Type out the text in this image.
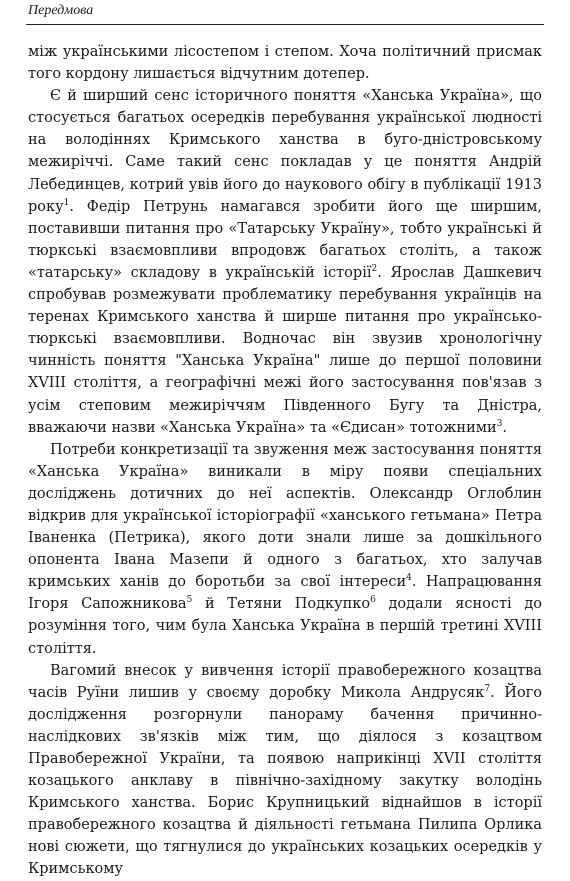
Передмова

між українськими лісостепом і степом. Хоча політичний присмак того кордону лишається відчутним дотепер.

Є й ширший сенс історичного поняття «Ханська Україна», що стосується багатьох осередків перебування української людності на володіннях Кримського ханства в буго-дністровському межиріччі. Саме такий сенс покладав у це поняття Андрій Лебединцев, котрий увів його до наукового обігу в публікації 1913 року$^1$. Федір Петрунь намагався зробити його ще ширшим, поставивши питання про «Татарську Україну», тобто українські й тюркські взаємовпливи впродовж багатьох століть, а також «татарську» складову в українській історії$^2$. Ярослав Дашкевич спробував розмежувати проблематику перебування українців на теренах Кримського ханства й ширше питання про українсько-тюркські взаємовпливи. Водночас він звузив хронологічну чинність поняття "Ханська Україна" лише до першої половини XVIII століття, а географічні межі його застосування пов'язав з усім степовим межиріччям Південного Бугу та Дністра, вважаючи назви «Ханська Україна» та «Єдисан» тотожними$^3$.

Потреби конкретизації та звуження меж застосування поняття «Ханська Україна» виникали в міру появи спеціальних досліджень дотичних до неї аспектів. Олександр Оглоблин відкрив для української історіографії «ханського гетьмана» Петра Іваненка (Петрика), якого доти знали лише за дошкільного опонента Івана Мазепи й одного з багатьох, хто залучав кримських ханів до боротьби за свої інтереси$^4$. Напрацювання Ігоря Сапожникова$^5$ й Тетяни Подкупко$^6$ додали ясності до розуміння того, чим була Ханська Україна в першій третині XVIII століття.

Вагомий внесок у вивчення історії правобережного козацтва часів Руїни лишив у своєму доробку Микола Андрусяк$^7$. Його дослідження розгорнули панораму бачення причинно-наслідкових зв'язків між тим, що діялося з козацтвом Правобережної України, та появою наприкінці XVII століття козацького анклаву в північно-західному закутку володінь Кримського ханства. Борис Крупницький віднайшов в історії правобережного козацтва й діяльності гетьмана Пилипа Орлика нові сюжети, що тягнулися до українських козацьких осередків у Кримському
